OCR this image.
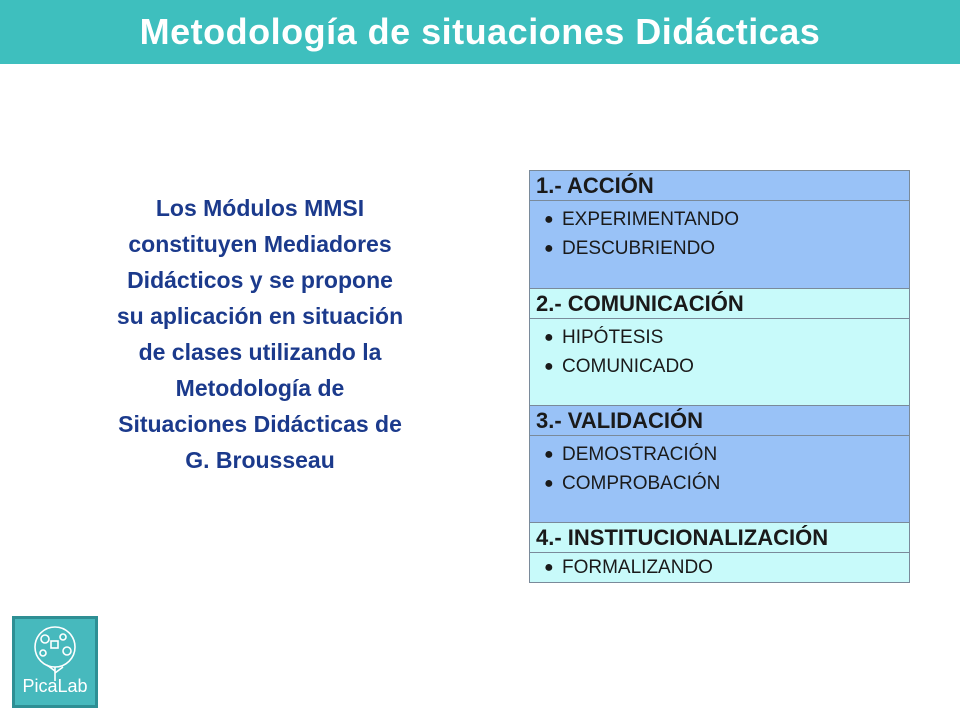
Metodología de situaciones Didácticas
Los Módulos MMSI
constituyen Mediadores
Didácticos y se propone
su aplicación en situación
de clases utilizando la
Metodología de
Situaciones Didácticas de
G. Brousseau
1.- ACCIÓN

● EXPERIMENTANDO
● DESCUBRIENDO

2.- COMUNICACIÓN

● HIPÓTESIS
● COMUNICADO

3.- VALIDACIÓN

● DEMOSTRACIÓN
● COMPROBACIÓN

4.- INSTITUCIONALIZACIÓN

● FORMALIZANDO
PicaLab
